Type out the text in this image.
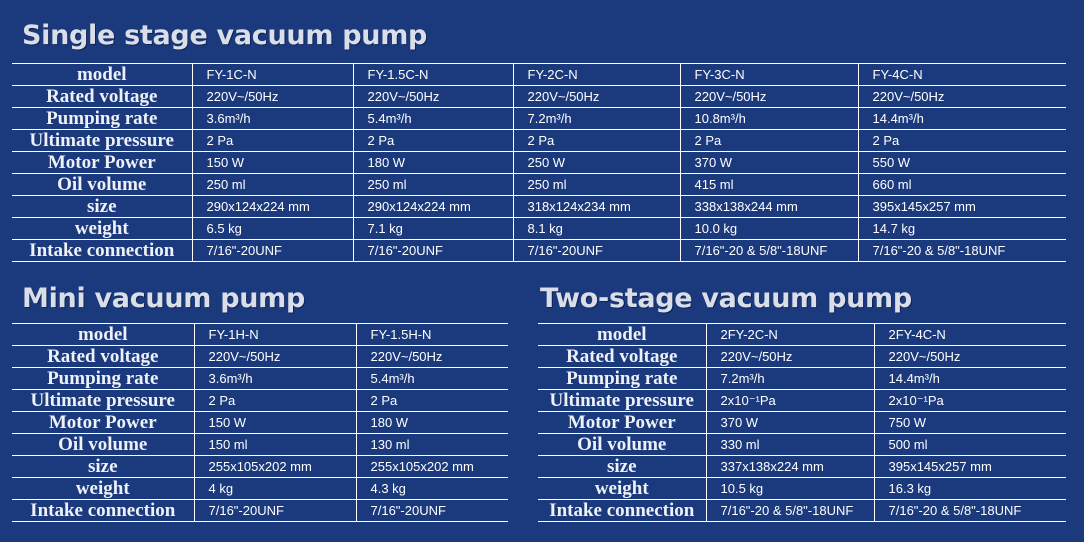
Single stage vacuum pump
model	FY-1C-N	FY-1.5C-N	FY-2C-N	FY-3C-N	FY-4C-N
Rated voltage	220V~/50Hz	220V~/50Hz	220V~/50Hz	220V~/50Hz	220V~/50Hz
Pumping rate	3.6m³/h	5.4m³/h	7.2m³/h	10.8m³/h	14.4m³/h
Ultimate pressure	2 Pa	2 Pa	2 Pa	2 Pa	2 Pa
Motor Power	150 W	180 W	250 W	370 W	550 W
Oil volume	250 ml	250 ml	250 ml	415 ml	660 ml
size	290x124x224 mm	290x124x224 mm	318x124x234 mm	338x138x244 mm	395x145x257 mm
weight	6.5 kg	7.1 kg	8.1 kg	10.0 kg	14.7 kg
Intake connection	7/16"-20UNF	7/16"-20UNF	7/16"-20UNF	7/16"-20 & 5/8"-18UNF	7/16"-20 & 5/8"-18UNF
Mini vacuum pump
model	FY-1H-N	FY-1.5H-N
Rated voltage	220V~/50Hz	220V~/50Hz
Pumping rate	3.6m³/h	5.4m³/h
Ultimate pressure	2 Pa	2 Pa
Motor Power	150 W	180 W
Oil volume	150 ml	130 ml
size	255x105x202 mm	255x105x202 mm
weight	4 kg	4.3 kg
Intake connection	7/16"-20UNF	7/16"-20UNF
Two-stage vacuum pump
model	2FY-2C-N	2FY-4C-N
Rated voltage	220V~/50Hz	220V~/50Hz
Pumping rate	7.2m³/h	14.4m³/h
Ultimate pressure	2x10⁻¹Pa	2x10⁻¹Pa
Motor Power	370 W	750 W
Oil volume	330 ml	500 ml
size	337x138x224 mm	395x145x257 mm
weight	10.5 kg	16.3 kg
Intake connection	7/16"-20 & 5/8"-18UNF	7/16"-20 & 5/8"-18UNF
